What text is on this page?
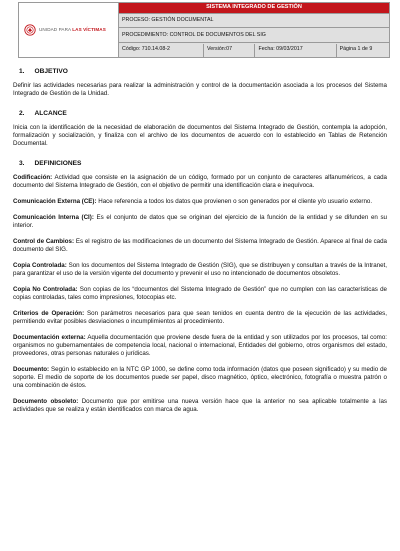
UNIDAD PARA LAS VÍCTIMAS
	SISTEMA INTEGRADO DE GESTIÓN
PROCESO: GESTIÓN DOCUMENTAL
PROCEDIMIENTO: CONTROL DE DOCUMENTOS DEL SIG

Código: 710.14.08-2	Versión:07	Fecha: 09/03/2017	Página 1 de 9
1. OBJETIVO

Definir las actividades necesarias para realizar la administración y control de la documentación asociada a los procesos del Sistema Integrado de Gestión de la Unidad.

2. ALCANCE

Inicia con la identificación de la necesidad de elaboración de documentos del Sistema Integrado de Gestión, contempla la adopción, formalización y socialización, y finaliza con el archivo de los documentos de acuerdo con lo establecido en Tablas de Retención Documental.

3. DEFINICIONES

Codificación: Actividad que consiste en la asignación de un código, formado por un conjunto de caracteres alfanuméricos, a cada documento del Sistema Integrado de Gestión, con el objetivo de permitir una identificación clara e inequívoca.

Comunicación Externa (CE): Hace referencia a todos los datos que provienen o son generados por el cliente y/o usuario externo.

Comunicación Interna (CI): Es el conjunto de datos que se originan del ejercicio de la función de la entidad y se difunden en su interior.

Control de Cambios: Es el registro de las modificaciones de un documento del Sistema Integrado de Gestión. Aparece al final de cada documento del SIG.

Copia Controlada: Son los documentos del Sistema Integrado de Gestión (SIG), que se distribuyen y consultan a través de la Intranet, para garantizar el uso de la versión vigente del documento y prevenir el uso no intencionado de documentos obsoletos.

Copia No Controlada: Son copias de los “documentos del Sistema Integrado de Gestión” que no cumplen con las características de copias controladas, tales como impresiones, fotocopias etc.

Criterios de Operación: Son parámetros necesarios para que sean tenidos en cuenta dentro de la ejecución de las actividades, permitiendo evitar posibles desviaciones o incumplimientos al procedimiento.

Documentación externa: Aquella documentación que proviene desde fuera de la entidad y son utilizados por los procesos, tal como: organismos no gubernamentales de competencia local, nacional o internacional, Entidades del gobierno, otros organismos del estado, proveedores, otras personas naturales o jurídicas.

Documento: Según lo establecido en la NTC GP 1000, se define como toda información (datos que poseen significado) y su medio de soporte. El medio de soporte de los documentos puede ser papel, disco magnético, óptico, electrónico, fotografía o muestra patrón o una combinación de éstos.

Documento obsoleto: Documento que por emitirse una nueva versión hace que la anterior no sea aplicable totalmente a las actividades que se realiza y están identificados con marca de agua.
